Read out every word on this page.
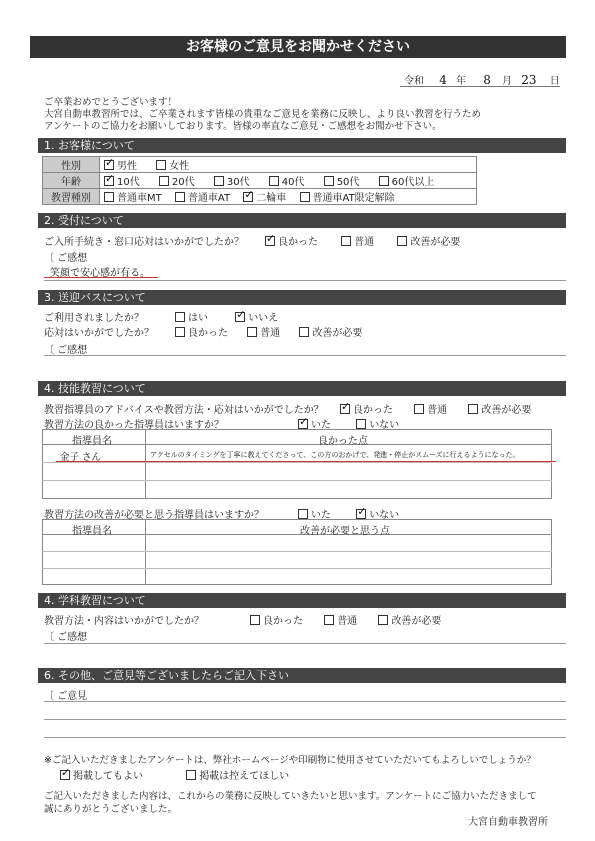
お客様のご意見をお聞かせください
令和 4 年 8 月 23 日
ご卒業おめでとうございます！
大宮自動車教習所では、ご卒業されます皆様の貴重なご意見を業務に反映し、より良い教習を行うため
アンケートのご協力をお願いしております。皆様の率直なご意見・ご感想をお聞かせ下さい。
1. お客様について
性別	✓男性 女性
年齢	✓10代 20代 30代 40代 50代 60代以上
教習種別	普通車MT 普通車AT ✓ 二輪車 普通車AT限定解除
2. 受付について
ご入所手続き・窓口応対はいかがでしたか？ ✓	良かった	普通	改善が必要
〔 ご感想
笑顔で安心感が有る。
3. 送迎バスについて
ご利用されましたか？	はい ✓	いいえ
応対はいかがでしたか？	良かった	普通	改善が必要
〔 ご感想
4. 技能教習について
教習指導員のアドバイスや教習方法・応対はいかがでしたか？ ✓	良かった	普通	改善が必要
教習方法の良かった指導員はいますか？ ✓	いた	いない
指導員名	良かった点
金子 さん	アクセルのタイミングを丁寧に教えてくださって、この方のおかげで、発進・停止がスムーズに行えるようになった。
教習方法の改善が必要と思う指導員はいますか？	いた ✓	いない
指導員名	改善が必要と思う点
4. 学科教習について
教習方法・内容はいかがでしたか？	良かった	普通	改善が必要
〔 ご感想
6. その他、ご意見等ございましたらご記入下さい
〔 ご意見
※ご記入いただきましたアンケートは、弊社ホームページや印刷物に使用させていただいてもよろしいでしょうか？
✓掲載してもよい	掲載は控えてほしい
ご記入いただきました内容は、これからの業務に反映していきたいと思います。アンケートにご協力いただきまして
誠にありがとうございました。
大宮自動車教習所
